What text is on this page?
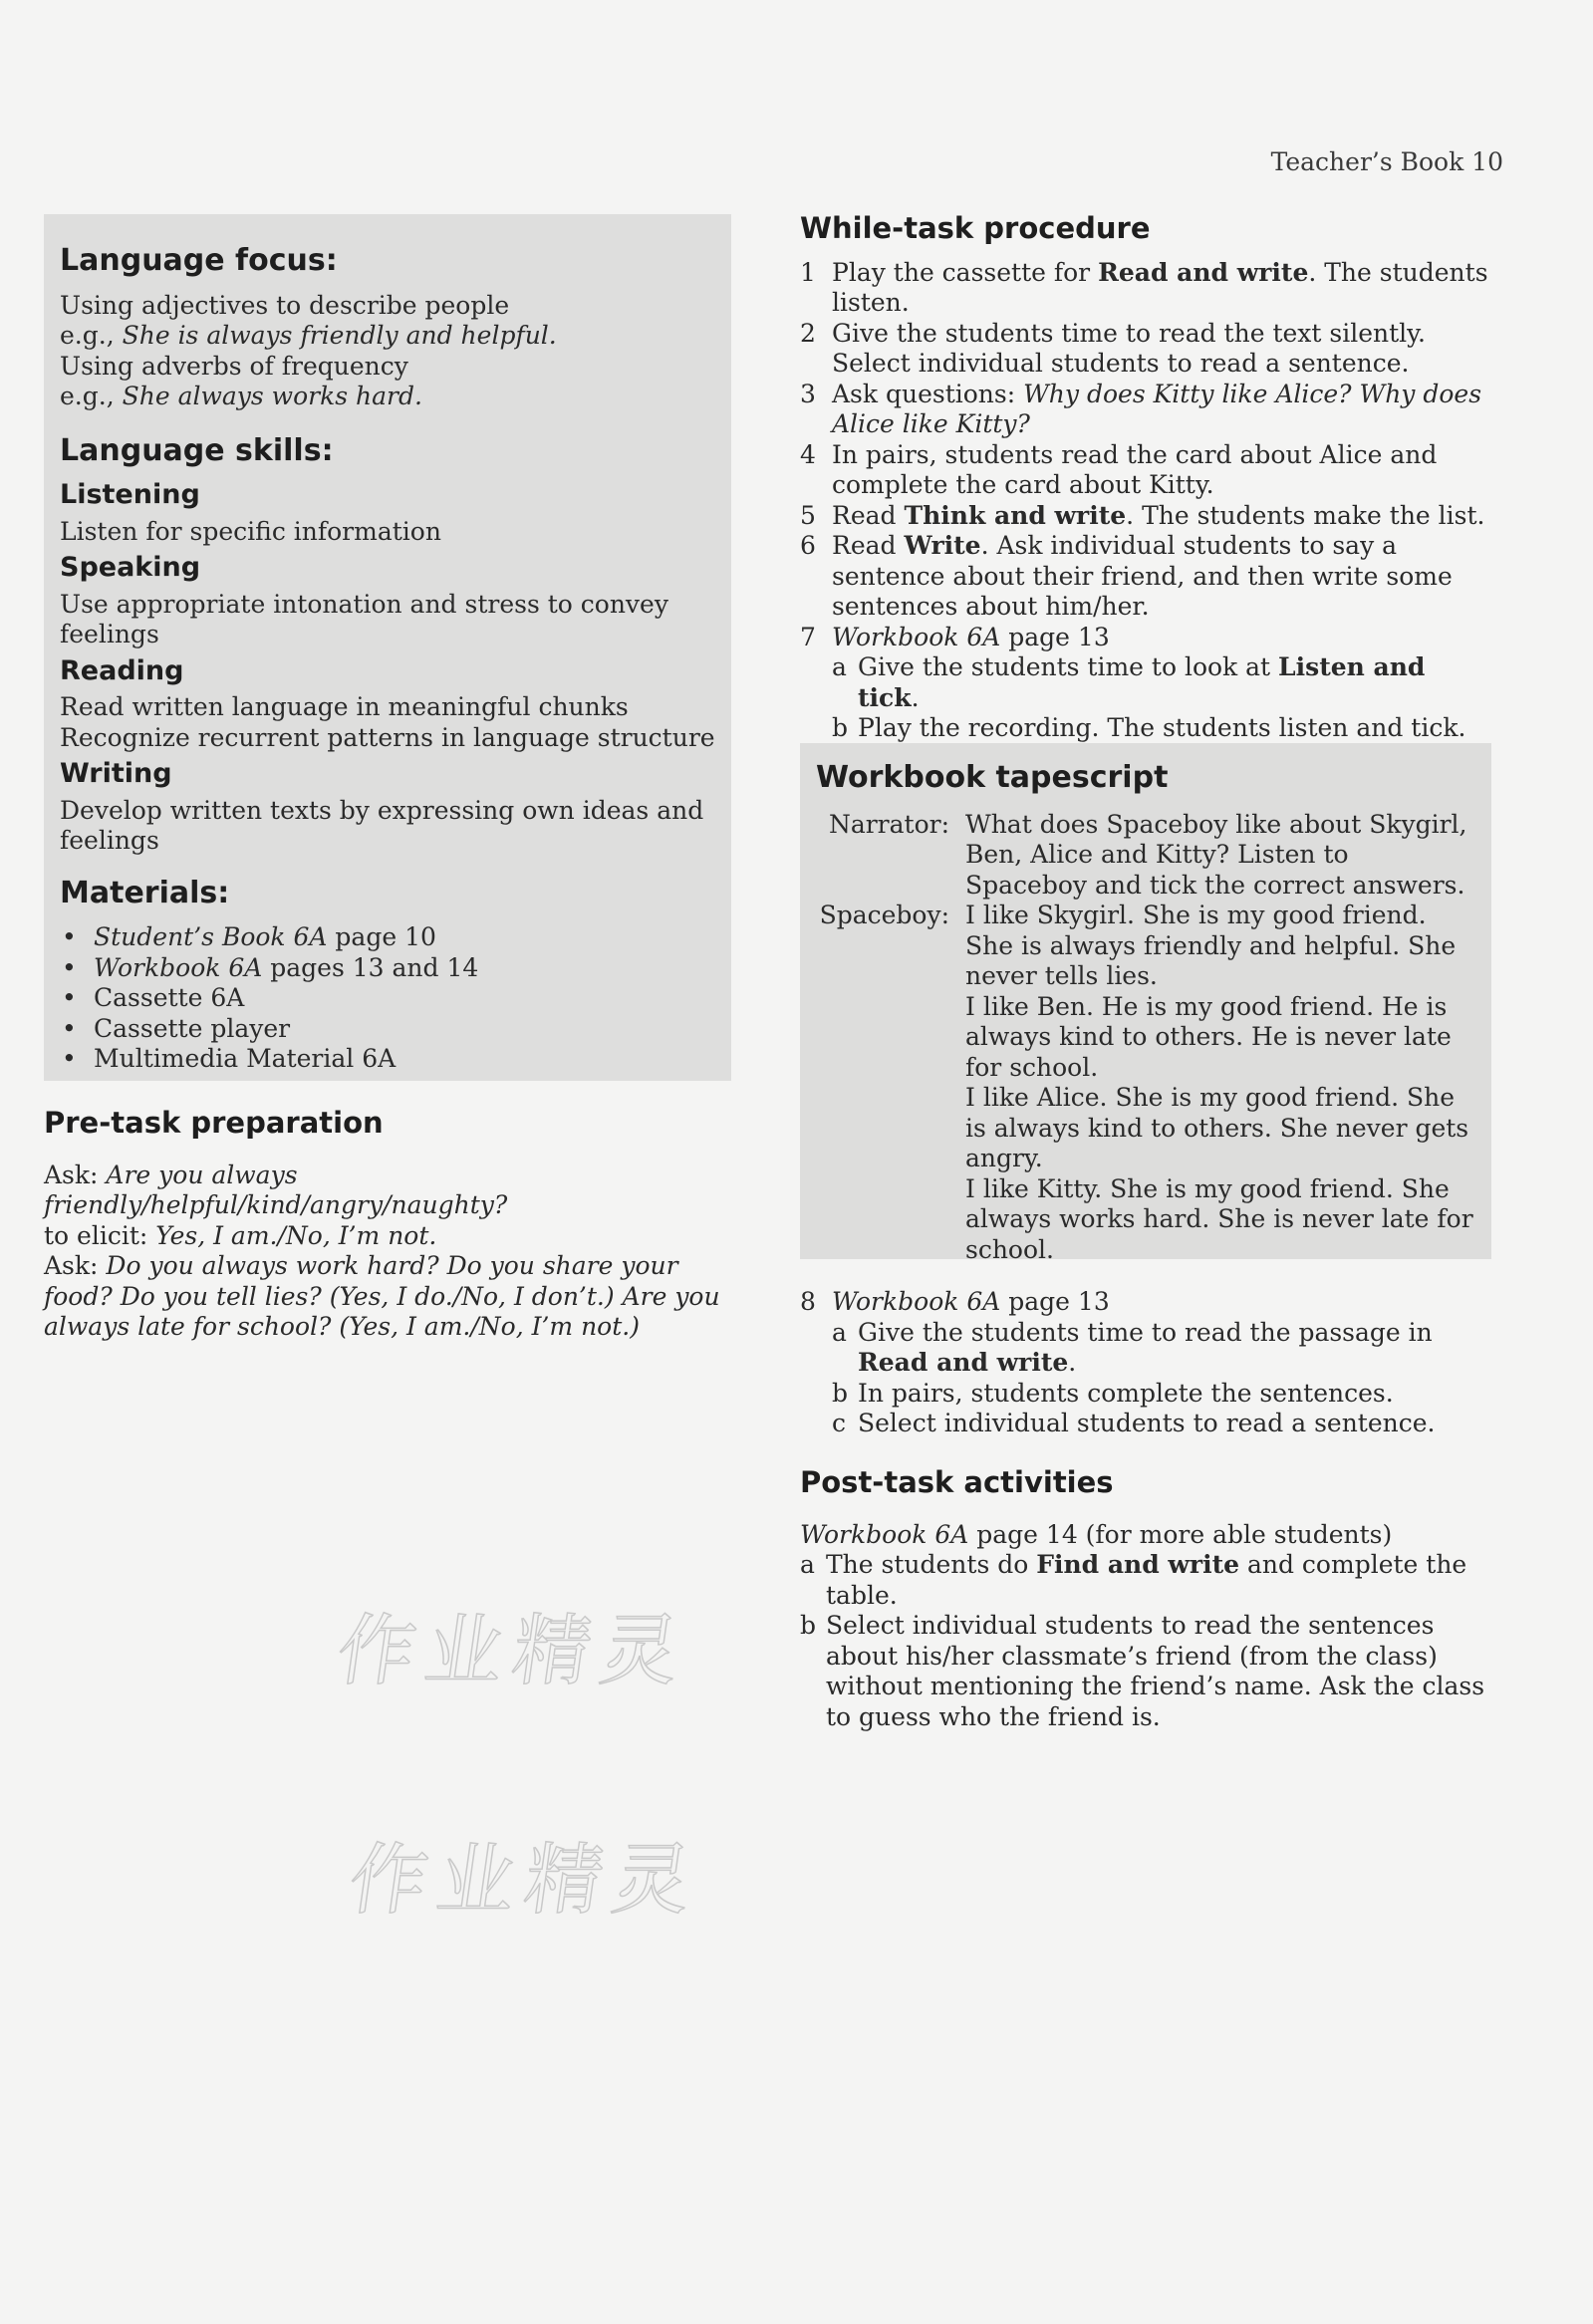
Teacher’s Book 10
Language focus:
Using adjectives to describe people
e.g., She is always friendly and helpful.
Using adverbs of frequency
e.g., She always works hard.
Language skills:
Listening

Listen for specific information

Speaking

Use appropriate intonation and stress to convey feelings

Reading

Read written language in meaningful chunks

Recognize recurrent patterns in language structure

Writing

Develop written texts by expressing own ideas and feelings

Materials:
• Student’s Book 6A page 10
• Workbook 6A pages 13 and 14
• Cassette 6A
• Cassette player
• Multimedia Material 6A
Pre-task preparation

Ask: Are you always friendly/helpful/kind/angry/naughty?
to elicit: Yes, I am./No, I’m not.
Ask: Do you always work hard? Do you share your food? Do you tell lies? (Yes, I do./No, I don’t.) Are you always late for school? (Yes, I am./No, I’m not.)

While-task procedure
1 Play the cassette for Read and write. The students listen.
2 Give the students time to read the text silently. Select individual students to read a sentence.
3 Ask questions: Why does Kitty like Alice? Why does Alice like Kitty?
4 In pairs, students read the card about Alice and complete the card about Kitty.
5 Read Think and write. The students make the list.
6 Read Write. Ask individual students to say a sentence about their friend, and then write some sentences about him/her.
7 Workbook 6A page 13
a Give the students time to look at Listen and tick.
b Play the recording. The students listen and tick.
Workbook tapescript
Narrator: What does Spaceboy like about Skygirl, Ben, Alice and Kitty? Listen to Spaceboy and tick the correct answers.
Spaceboy: I like Skygirl. She is my good friend. She is always friendly and helpful. She never tells lies.
I like Ben. He is my good friend. He is always kind to others. He is never late for school.
I like Alice. She is my good friend. She is always kind to others. She never gets angry.
I like Kitty. She is my good friend. She always works hard. She is never late for school.
8 Workbook 6A page 13
a Give the students time to read the passage in Read and write.
b In pairs, students complete the sentences.
c Select individual students to read a sentence.
Post-task activities
Workbook 6A page 14 (for more able students)
a The students do Find and write and complete the table.
b Select individual students to read the sentences about his/her classmate’s friend (from the class) without mentioning the friend’s name. Ask the class to guess who the friend is.
作业精灵
作业精灵
